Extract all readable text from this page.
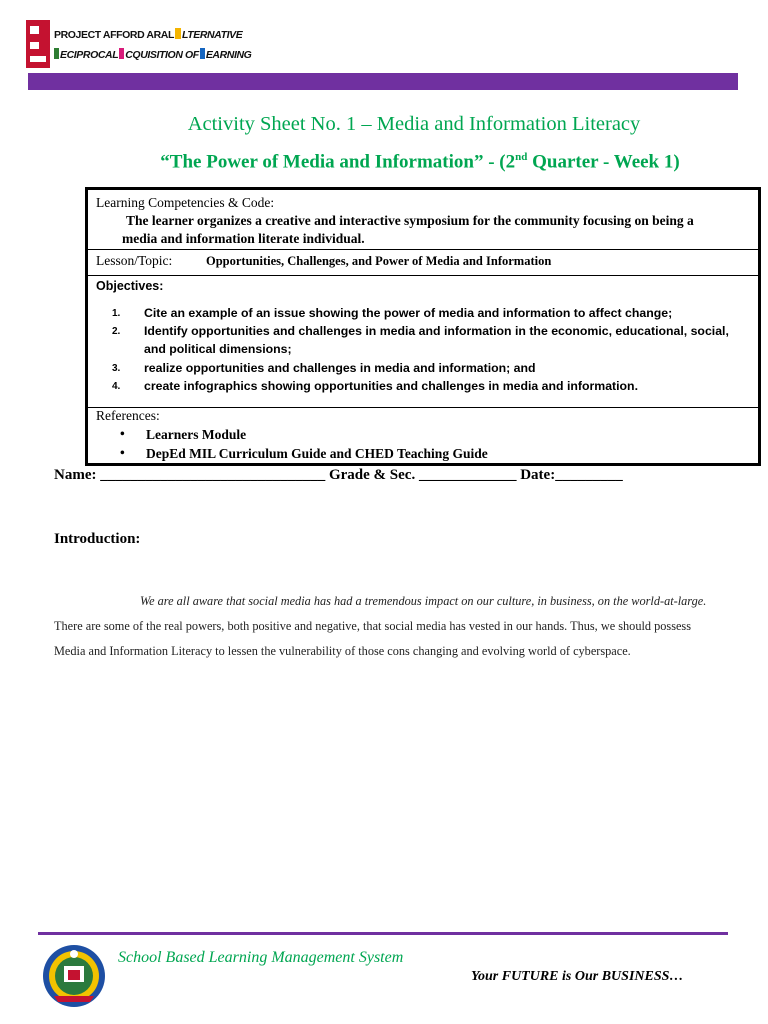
PROJECT AFFORD ARAL LTERNATIVE
ECIPROCAL CQUISITION OF EARNING
Activity Sheet No. 1 – Media and Information Literacy
“The Power of Media and Information” - (2nd Quarter - Week 1)
Learning Competencies & Code:
The learner organizes a creative and interactive symposium for the community focusing on being a media and information literate individual.
Lesson/Topic:	Opportunities, Challenges, and Power of Media and Information
Objectives:
1. Cite an example of an issue showing the power of media and information to affect change;
2. Identify opportunities and challenges in media and information in the economic, educational, social, and political dimensions;
3. realize opportunities and challenges in media and information; and
4. create infographics showing opportunities and challenges in media and information.
References:
• Learners Module
• DepEd MIL Curriculum Guide and CHED Teaching Guide
Name: ______________________________ Grade & Sec. _____________ Date:_________
Introduction:
We are all aware that social media has had a tremendous impact on our culture, in business, on the world-at-large. There are some of the real powers, both positive and negative, that social media has vested in our hands. Thus, we should possess Media and Information Literacy to lessen the vulnerability of those cons changing and evolving world of cyberspace.
School Based Learning Management System
Your FUTURE is Our BUSINESS…
